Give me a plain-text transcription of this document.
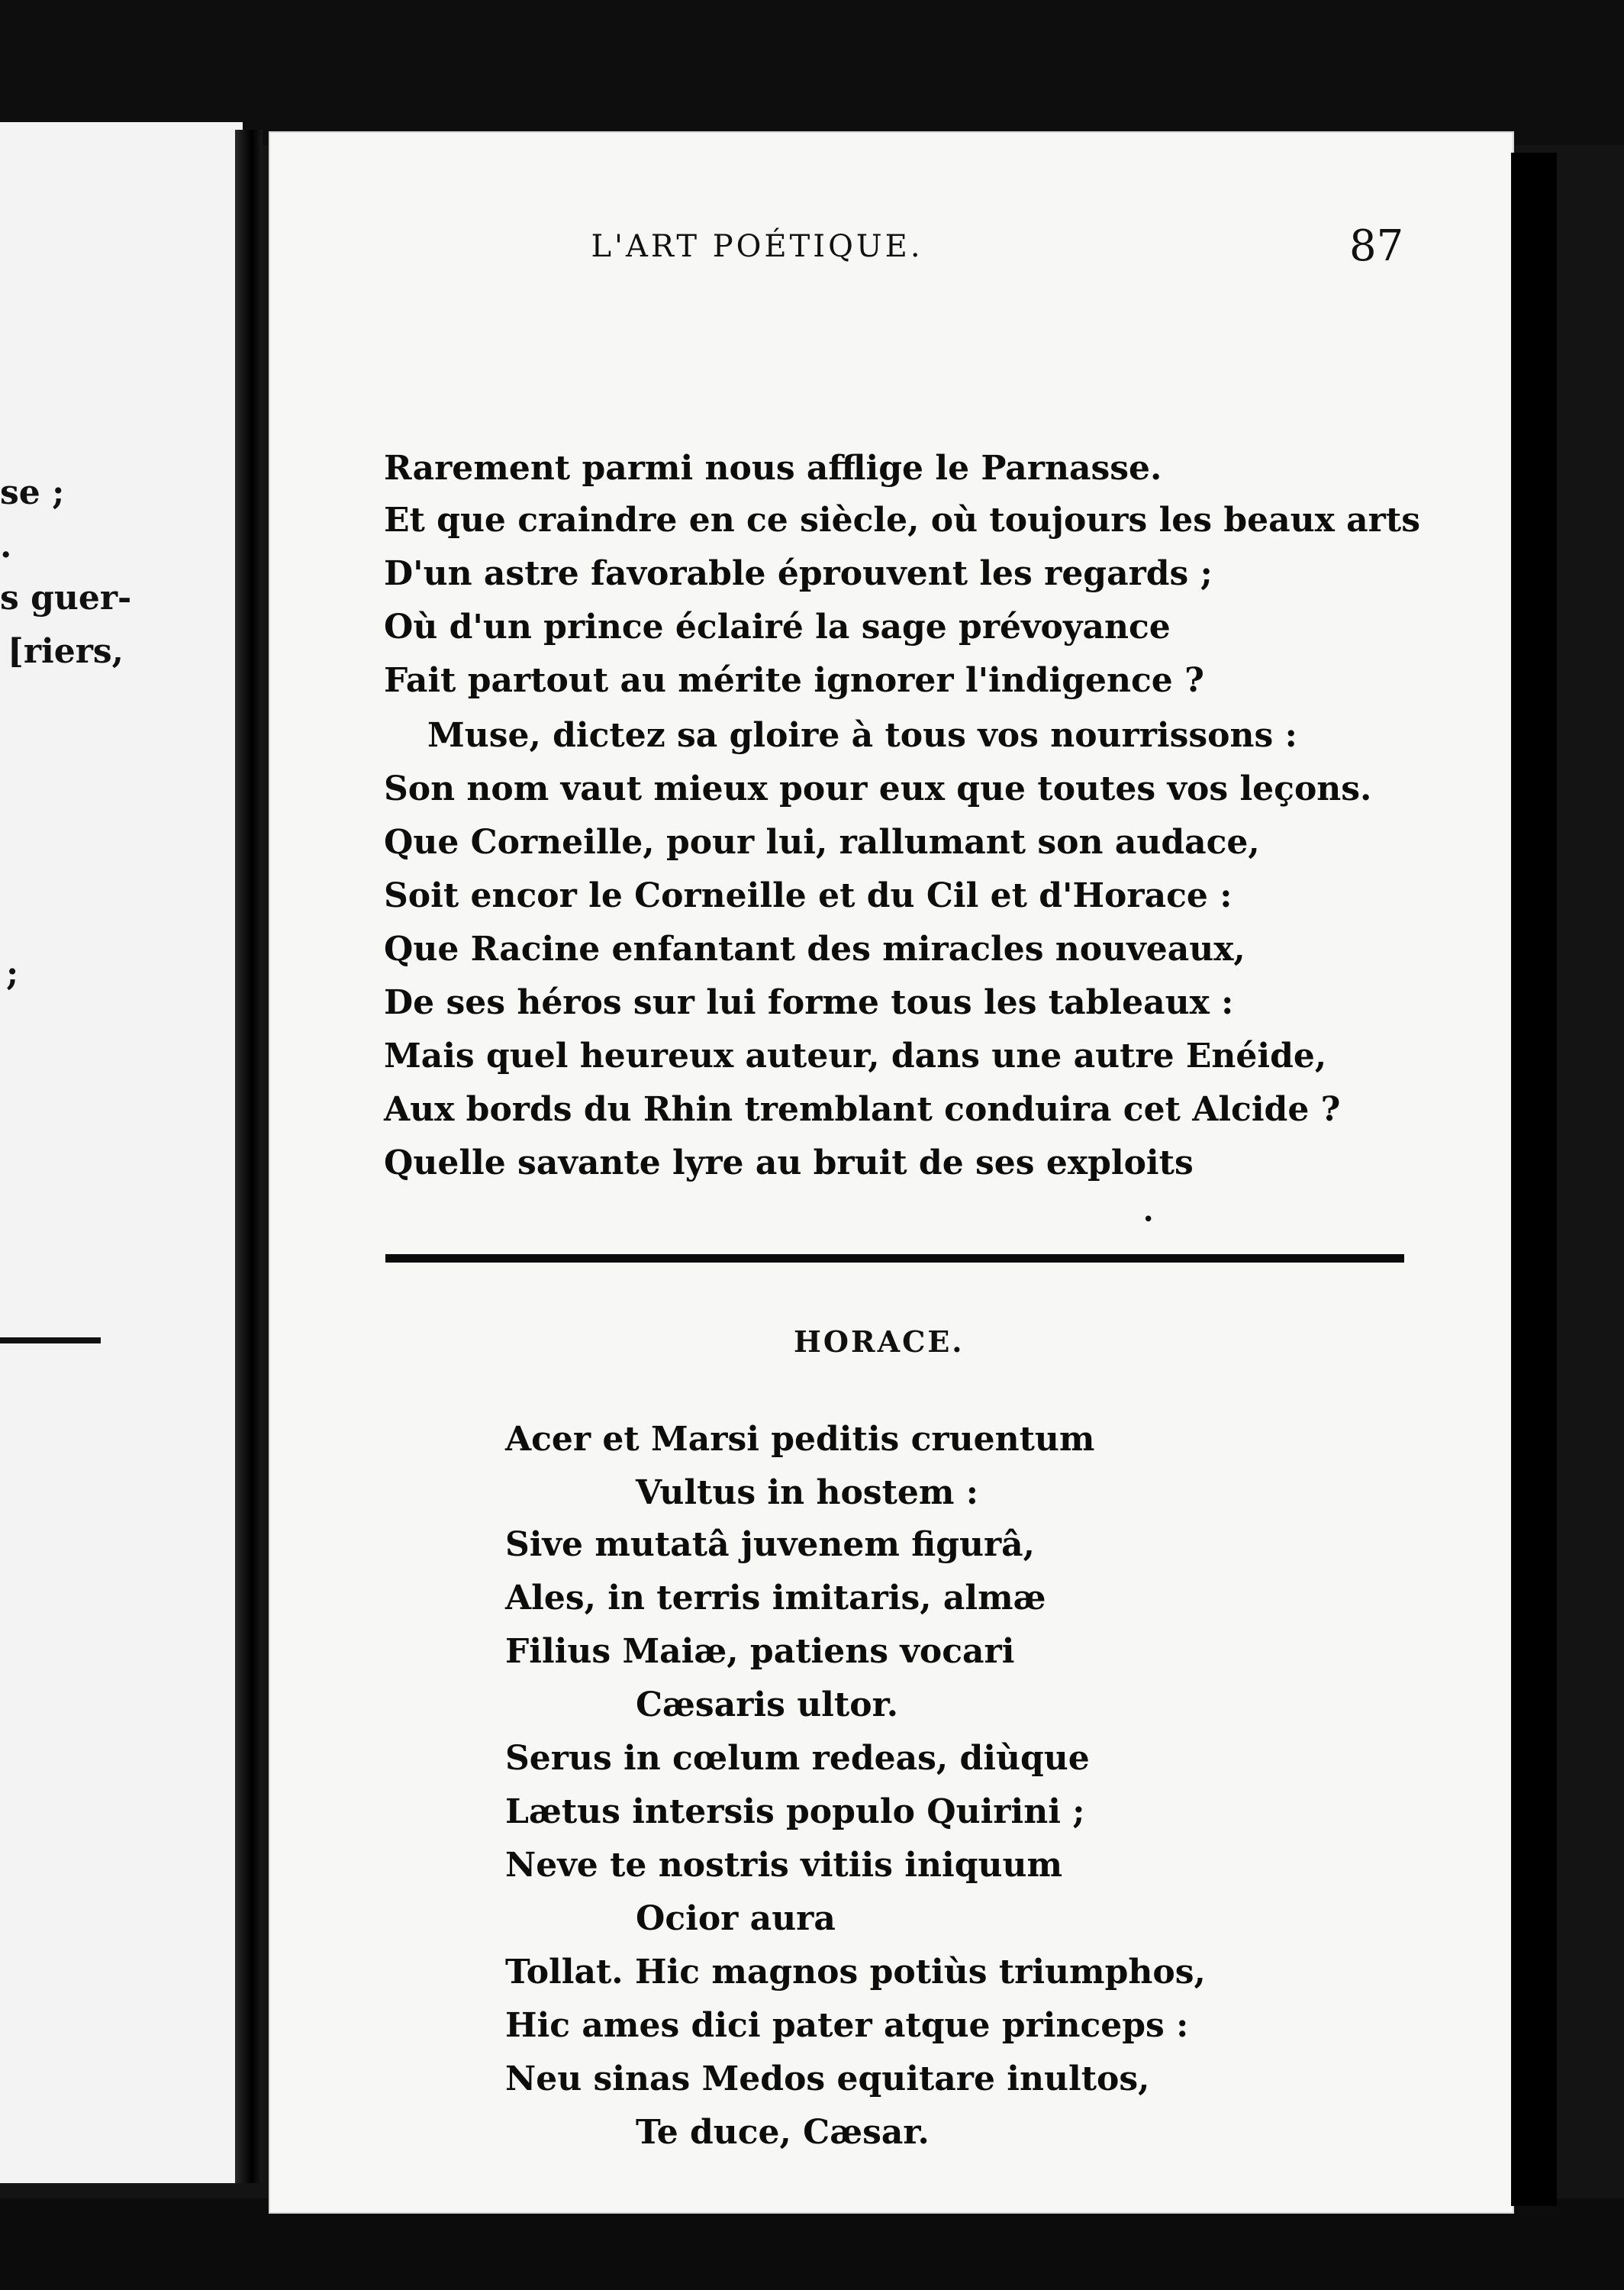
se ;
.
s guer-
[riers,
;
L'ART POÉTIQUE.	87

Rarement parmi nous afflige le Parnasse.

Et que craindre en ce siècle, où toujours les beaux arts

D'un astre favorable éprouvent les regards ;

Où d'un prince éclairé la sage prévoyance

Fait partout au mérite ignorer l'indigence ?

Muse, dictez sa gloire à tous vos nourrissons :

Son nom vaut mieux pour eux que toutes vos leçons.

Que Corneille, pour lui, rallumant son audace,

Soit encor le Corneille et du Cil et d'Horace :

Que Racine enfantant des miracles nouveaux,

De ses héros sur lui forme tous les tableaux :

Mais quel heureux auteur, dans une autre Enéide,

Aux bords du Rhin tremblant conduira cet Alcide ?

Quelle savante lyre au bruit de ses exploits

•
HORACE.

Acer et Marsi peditis cruentum

Vultus in hostem :

Sive mutatâ juvenem figurâ,

Ales, in terris imitaris, almæ

Filius Maiæ, patiens vocari

Cæsaris ultor.

Serus in cœlum redeas, diùque

Lætus intersis populo Quirini ;

Neve te nostris vitiis iniquum

Ocior aura

Tollat. Hic magnos potiùs triumphos,

Hic ames dici pater atque princeps :

Neu sinas Medos equitare inultos,

Te duce, Cæsar.
